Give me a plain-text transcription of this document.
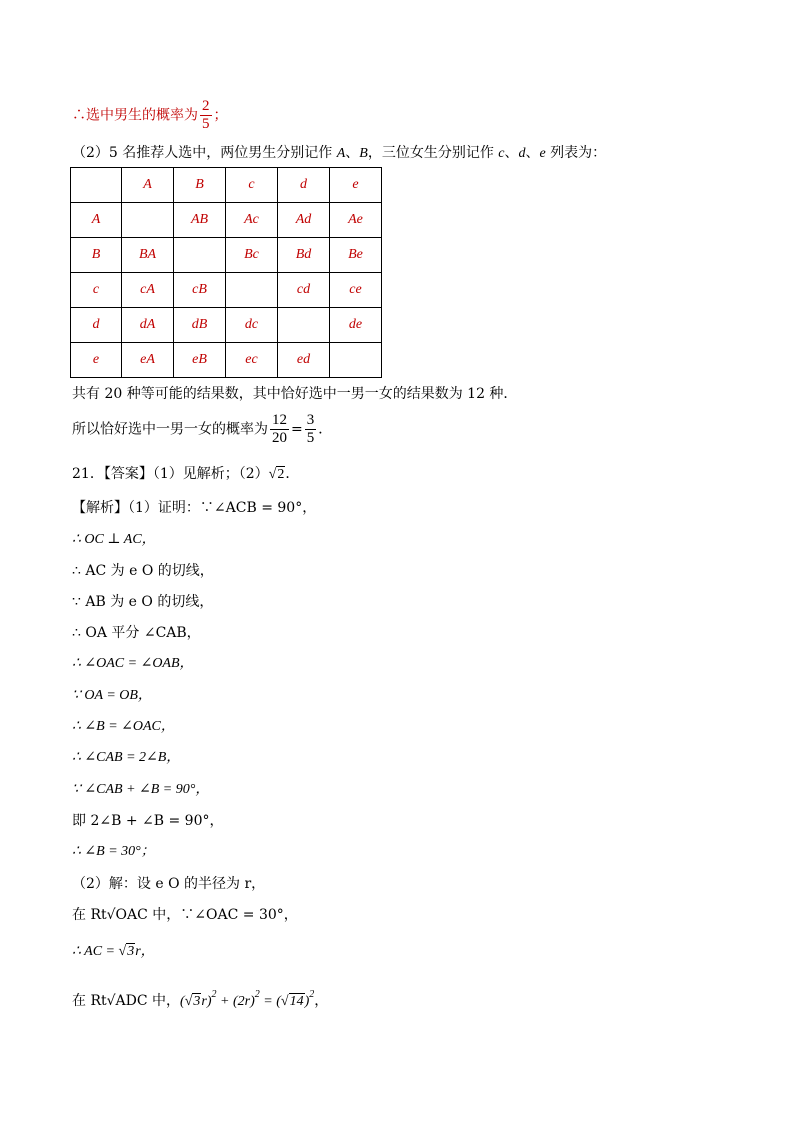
∴选中男生的概率为 $\frac{2}{5}$ ；
（2）5 名推荐人选中，两位男生分别记作 A、B，三位女生分别记作 c、d、e 列表为：
	A	B	c	d	e
A		AB	Ac	Ad	Ae
B	BA		Bc	Bd	Be
c	cA	cB		cd	ce
d	dA	dB	dc		de
e	eA	eB	ec	ed	
共有 20 种等可能的结果数，其中恰好选中一男一女的结果数为 12 种．
所以恰好选中一男一女的概率为 $\frac{12}{20} = \frac{3}{5}$ ．
21．【答案】（1）见解析；（2）√2．
【解析】（1）证明：∵∠ACB = 90°，
∴ OC ⊥ AC，
∴ AC 为 e O 的切线，
∵ AB 为 e O 的切线，
∴ OA 平分 ∠CAB，
∴ ∠OAC = ∠OAB，
∵ OA = OB，
∴ ∠B = ∠OAC，
∴ ∠CAB = 2∠B，
∵ ∠CAB + ∠B = 90°，
即 2∠B + ∠B = 90°，
∴ ∠B = 30°；
（2）解：设 e O 的半径为 r，
在 Rt√OAC 中，∵∠OAC = 30°，
∴ AC = √3r，
在 Rt√ADC 中，$(√3r)^2 + (2r)^2 = (√14)^2$，
